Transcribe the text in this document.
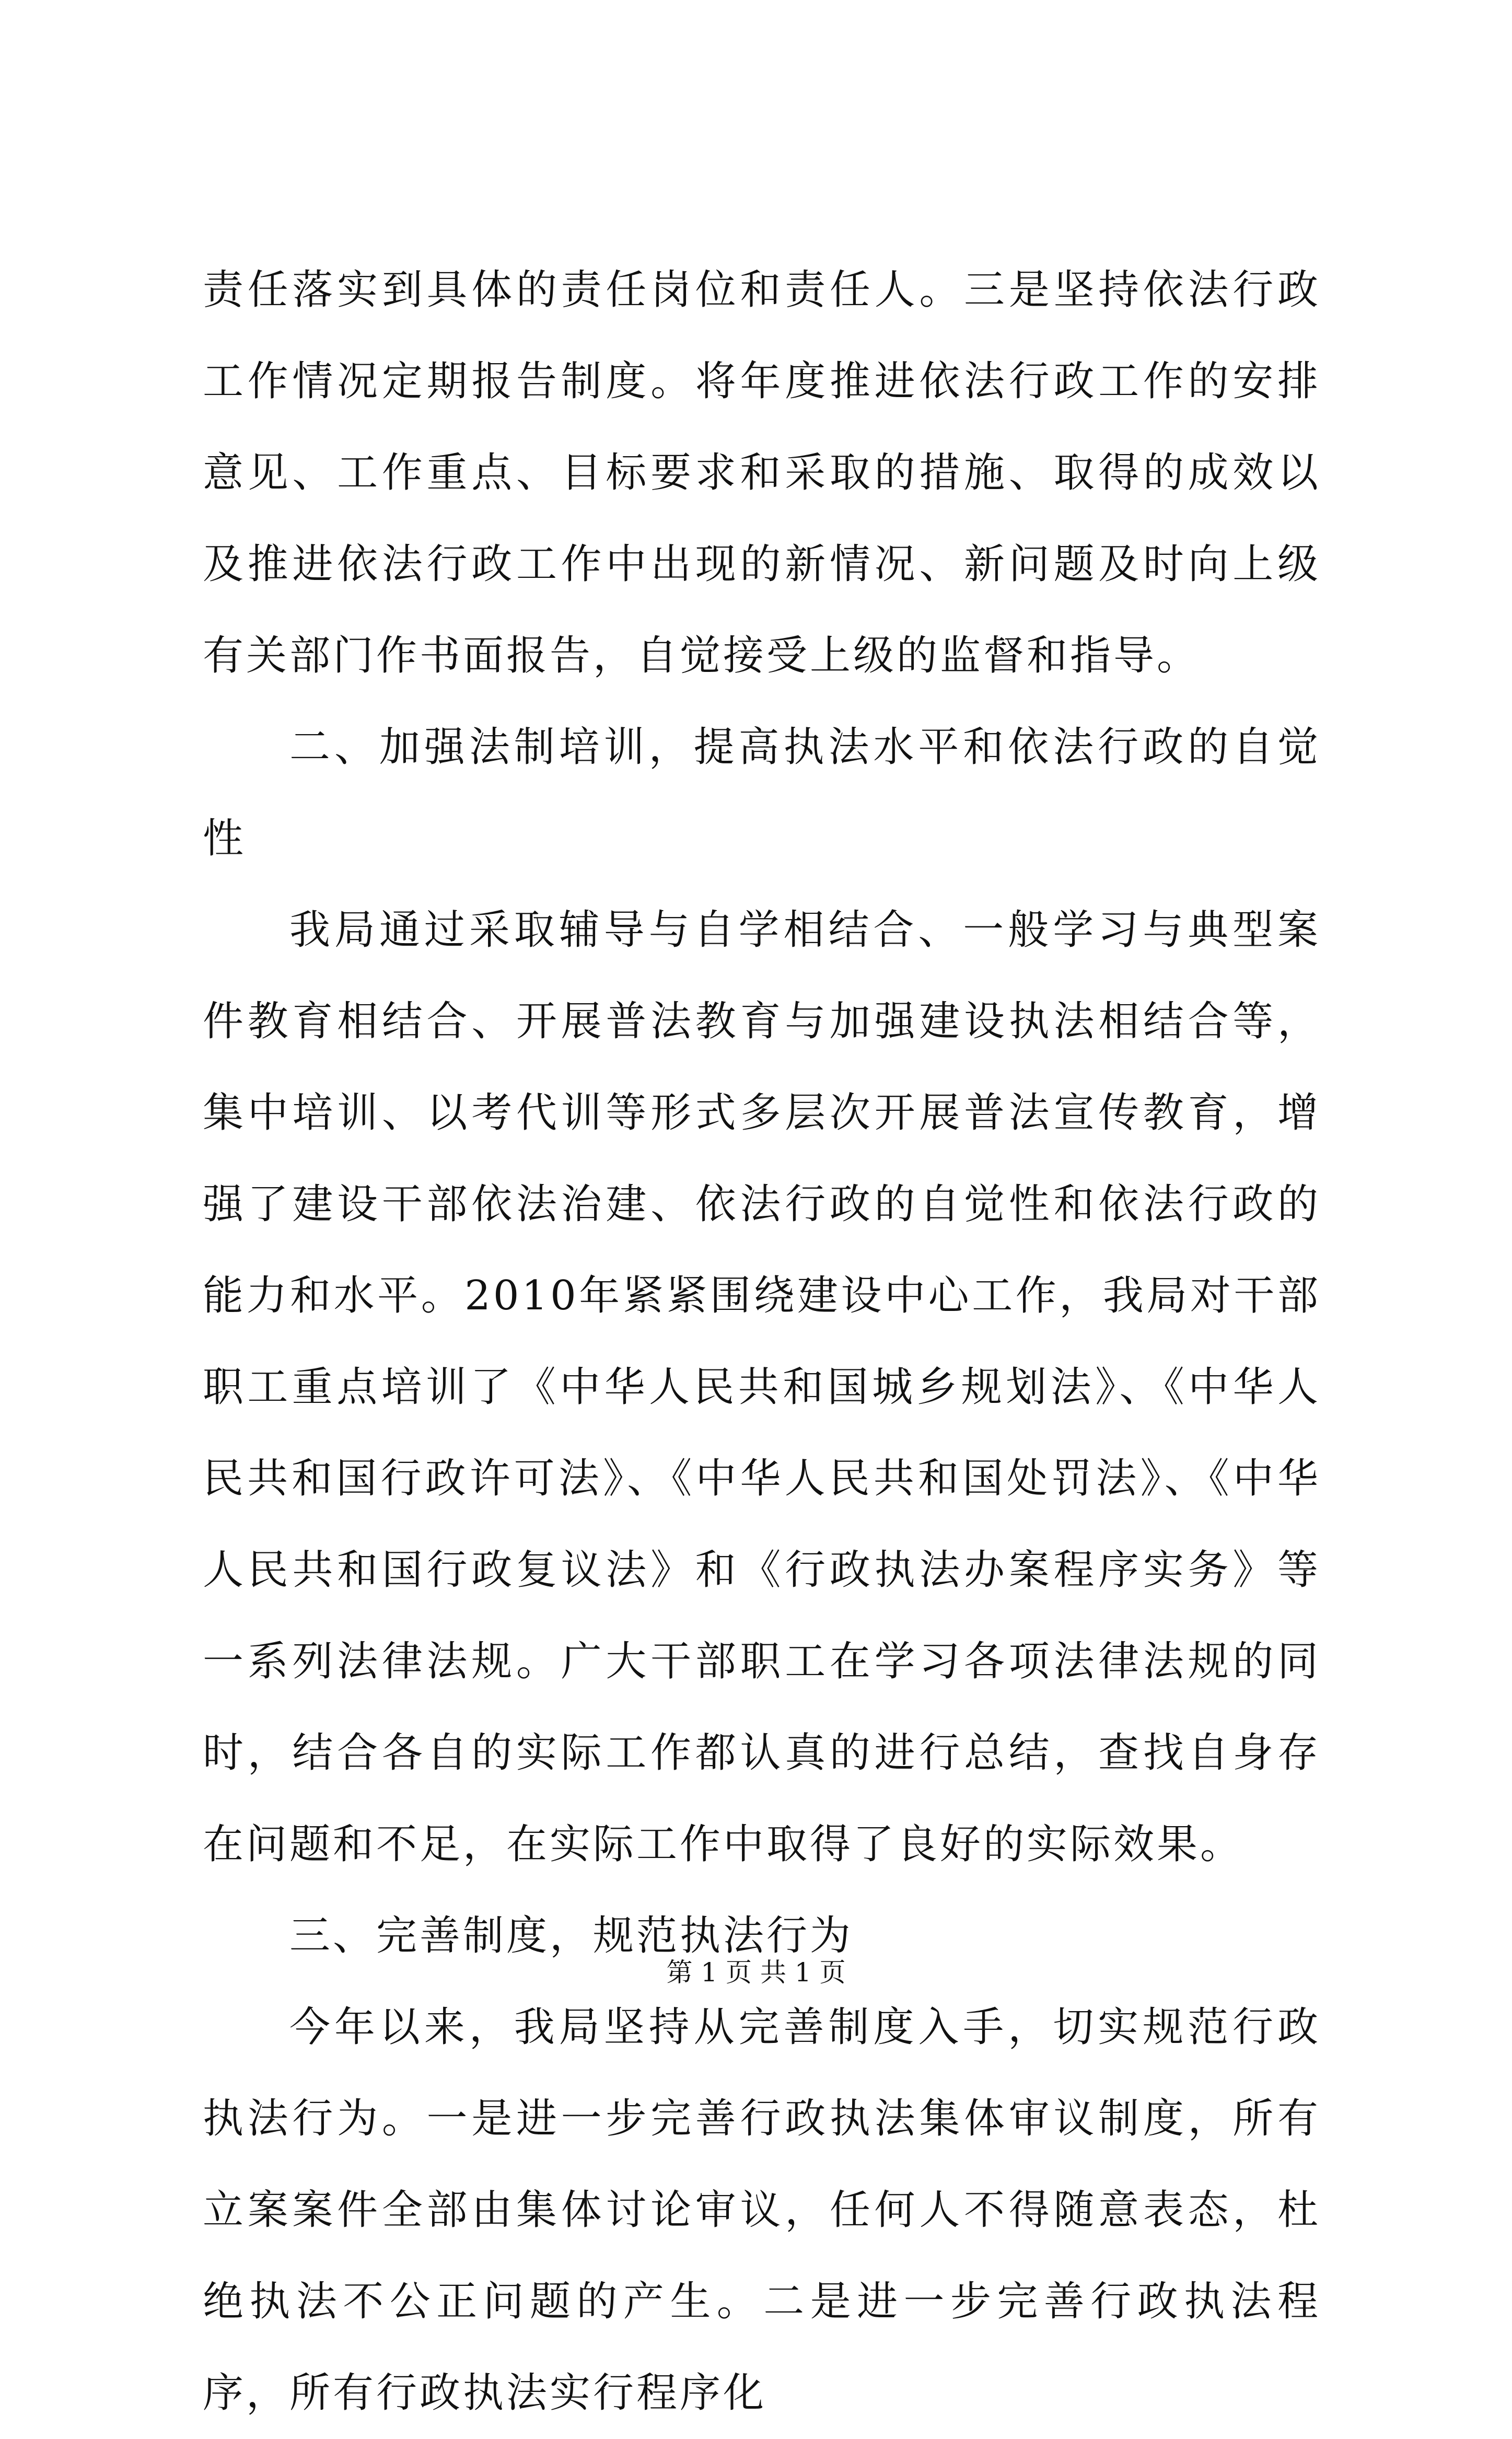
责任落实到具体的责任岗位和责任人。三是坚持依法行政工作情况定期报告制度。将年度推进依法行政工作的安排意见、工作重点、目标要求和采取的措施、取得的成效以及推进依法行政工作中出现的新情况、新问题及时向上级有关部门作书面报告，自觉接受上级的监督和指导。

二、加强法制培训，提高执法水平和依法行政的自觉性

我局通过采取辅导与自学相结合、一般学习与典型案件教育相结合、开展普法教育与加强建设执法相结合等，集中培训、以考代训等形式多层次开展普法宣传教育，增强了建设干部依法治建、依法行政的自觉性和依法行政的能力和水平。2010年紧紧围绕建设中心工作，我局对干部职工重点培训了《中华人民共和国城乡规划法》、《中华人民共和国行政许可法》、《中华人民共和国处罚法》、《中华人民共和国行政复议法》和《行政执法办案程序实务》等一系列法律法规。广大干部职工在学习各项法律法规的同时，结合各自的实际工作都认真的进行总结，查找自身存在问题和不足，在实际工作中取得了良好的实际效果。

三、完善制度，规范执法行为

今年以来，我局坚持从完善制度入手，切实规范行政执法行为。一是进一步完善行政执法集体审议制度，所有立案案件全部由集体讨论审议，任何人不得随意表态，杜绝执法不公正问题的产生。二是进一步完善行政执法程序，所有行政执法实行程序化

第 1 页 共 1 页
